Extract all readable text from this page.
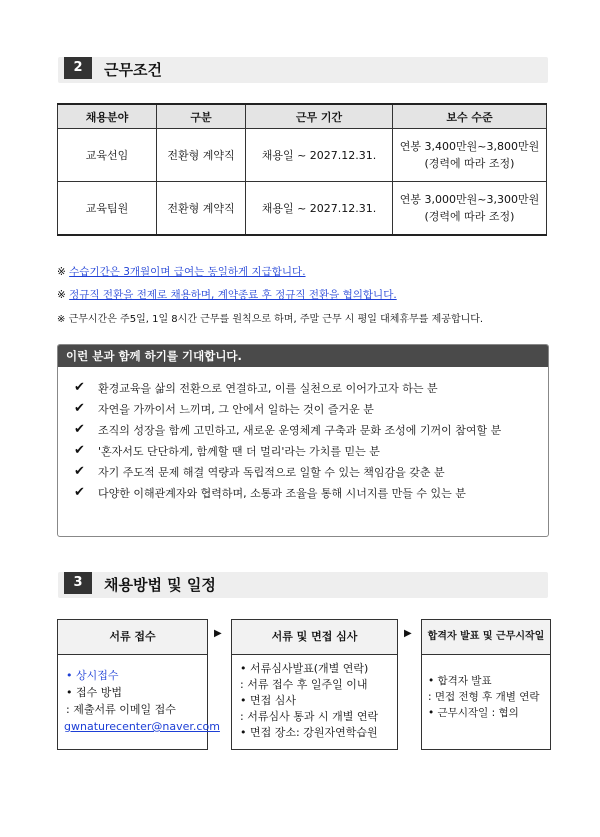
2	근무조건
채용분야	구분	근무 기간	보수 수준
교육선임	전환형 계약직	채용일 ~ 2027.12.31.	연봉 3,400만원~3,800만원
(경력에 따라 조정)

교육팀원	전환형 계약직	채용일 ~ 2027.12.31.	연봉 3,000만원~3,300만원
(경력에 따라 조정)
※ 수습기간은 3개월이며 급여는 동일하게 지급합니다.
※ 정규직 전환을 전제로 채용하며, 계약종료 후 정규직 전환을 협의합니다.
※ 근무시간은 주5일, 1일 8시간 근무를 원칙으로 하며, 주말 근무 시 평일 대체휴무를 제공합니다.
이런 분과 함께 하기를 기대합니다.
✔	환경교육을 삶의 전환으로 연결하고, 이를 실천으로 이어가고자 하는 분
✔	자연을 가까이서 느끼며, 그 안에서 일하는 것이 즐거운 분
✔	조직의 성장을 함께 고민하고, 새로운 운영체계 구축과 문화 조성에 기꺼이 참여할 분
✔	'혼자서도 단단하게, 함께할 땐 더 멀리'라는 가치를 믿는 분
✔	자기 주도적 문제 해결 역량과 독립적으로 일할 수 있는 책임감을 갖춘 분
✔	다양한 이해관계자와 협력하며, 소통과 조율을 통해 시너지를 만들 수 있는 분
3	채용방법 및 일정
서류 접수
• 상시접수
• 접수 방법
: 제출서류 이메일 접수
gwnaturecenter@naver.com
▶	서류 및 면접 심사
• 서류심사발표(개별 연락)
: 서류 접수 후 일주일 이내
• 면접 심사
: 서류심사 통과 시 개별 연락
• 면접 장소: 강원자연학습원
▶	합격자 발표 및 근무시작일
• 합격자 발표
: 면접 전형 후 개별 연락
• 근무시작일 : 협의
